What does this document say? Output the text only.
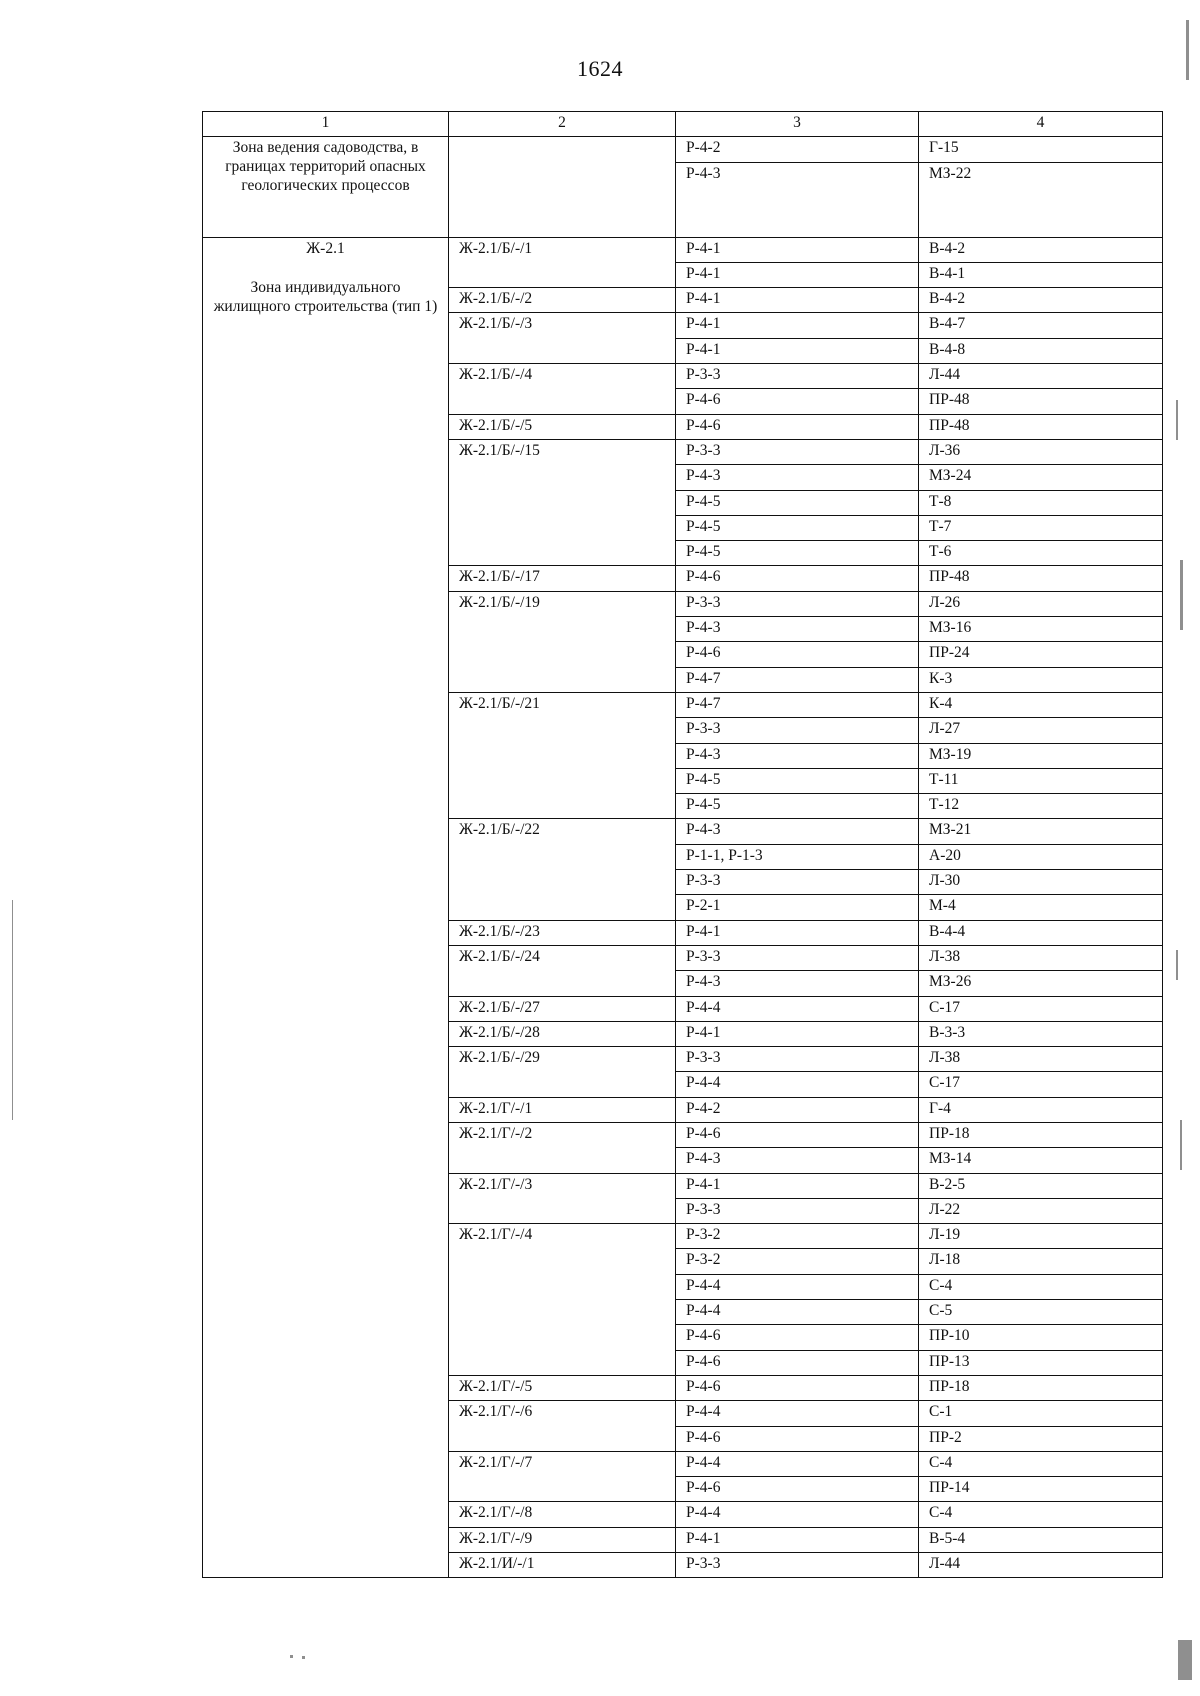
1624
1	2	3	4
Зона ведения садоводства, в границах территорий опасных геологических процессов		Р-4-2	Г-15
		Р-4-3	МЗ-22

Ж-2.1
Зона индивидуального жилищного строительства (тип 1)	Ж-2.1/Б/-/1	Р-4-1	В-4-2
		Р-4-1	В-4-1
	Ж-2.1/Б/-/2	Р-4-1	В-4-2
	Ж-2.1/Б/-/3	Р-4-1	В-4-7
		Р-4-1	В-4-8
	Ж-2.1/Б/-/4	Р-3-3	Л-44
		Р-4-6	ПР-48
	Ж-2.1/Б/-/5	Р-4-6	ПР-48
	Ж-2.1/Б/-/15	Р-3-3	Л-36
		Р-4-3	МЗ-24
		Р-4-5	Т-8
		Р-4-5	Т-7
		Р-4-5	Т-6
	Ж-2.1/Б/-/17	Р-4-6	ПР-48
	Ж-2.1/Б/-/19	Р-3-3	Л-26
		Р-4-3	МЗ-16
		Р-4-6	ПР-24
		Р-4-7	К-3
	Ж-2.1/Б/-/21	Р-4-7	К-4
		Р-3-3	Л-27
		Р-4-3	МЗ-19
		Р-4-5	Т-11
		Р-4-5	Т-12
	Ж-2.1/Б/-/22	Р-4-3	МЗ-21
		Р-1-1, Р-1-3	А-20
		Р-3-3	Л-30
		Р-2-1	М-4
	Ж-2.1/Б/-/23	Р-4-1	В-4-4
	Ж-2.1/Б/-/24	Р-3-3	Л-38
		Р-4-3	МЗ-26
	Ж-2.1/Б/-/27	Р-4-4	С-17
	Ж-2.1/Б/-/28	Р-4-1	В-3-3
	Ж-2.1/Б/-/29	Р-3-3	Л-38
		Р-4-4	С-17
	Ж-2.1/Г/-/1	Р-4-2	Г-4
	Ж-2.1/Г/-/2	Р-4-6	ПР-18
		Р-4-3	МЗ-14
	Ж-2.1/Г/-/3	Р-4-1	В-2-5
		Р-3-3	Л-22
	Ж-2.1/Г/-/4	Р-3-2	Л-19
		Р-3-2	Л-18
		Р-4-4	С-4
		Р-4-4	С-5
		Р-4-6	ПР-10
		Р-4-6	ПР-13
	Ж-2.1/Г/-/5	Р-4-6	ПР-18
	Ж-2.1/Г/-/6	Р-4-4	С-1
		Р-4-6	ПР-2
	Ж-2.1/Г/-/7	Р-4-4	С-4
		Р-4-6	ПР-14
	Ж-2.1/Г/-/8	Р-4-4	С-4
	Ж-2.1/Г/-/9	Р-4-1	В-5-4
	Ж-2.1/И/-/1	Р-3-3	Л-44
